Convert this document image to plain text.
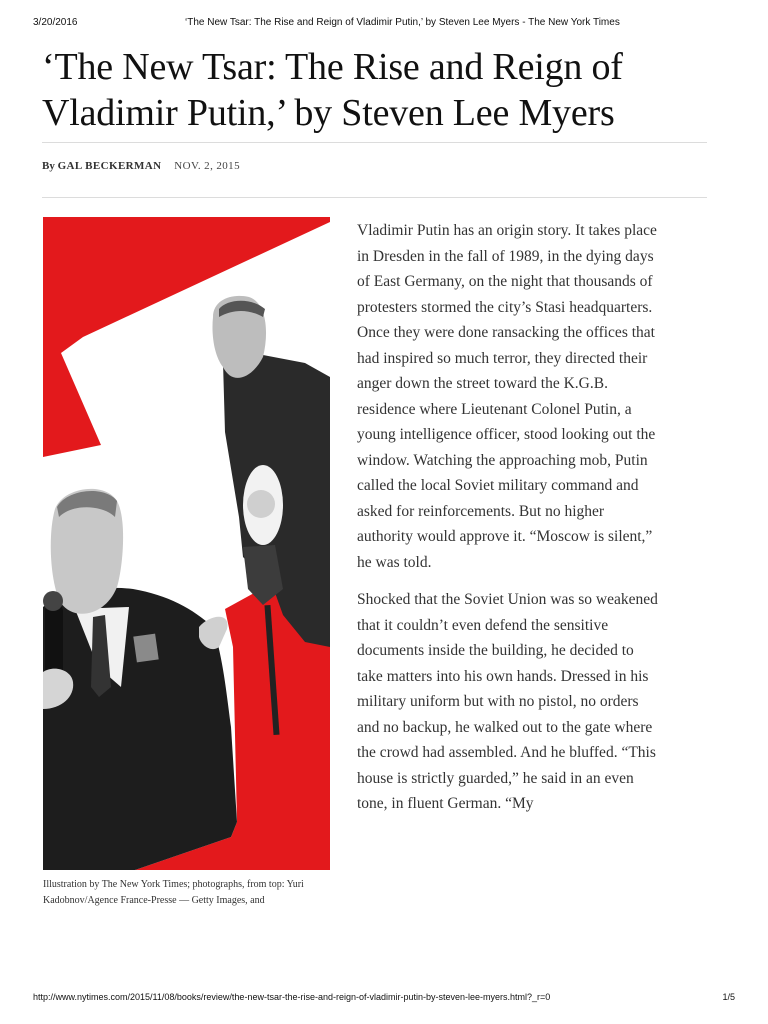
3/20/2016	‘The New Tsar: The Rise and Reign of Vladimir Putin,’ by Steven Lee Myers - The New York Times
‘The New Tsar: The Rise and Reign of Vladimir Putin,’ by Steven Lee Myers
By GAL BECKERMAN NOV. 2, 2015
Illustration by The New York Times; photographs, from top: Yuri Kadobnov/Agence France-Presse — Getty Images, and

Vladimir Putin has an origin story. It takes place in Dresden in the fall of 1989, in the dying days of East Germany, on the night that thousands of protesters stormed the city’s Stasi headquarters. Once they were done ransacking the offices that had inspired so much terror, they directed their anger down the street toward the K.G.B. residence where Lieutenant Colonel Putin, a young intelligence officer, stood looking out the window. Watching the approaching mob, Putin called the local Soviet military command and asked for reinforcements. But no higher authority would approve it. “Moscow is silent,” he was told.

Shocked that the Soviet Union was so weakened that it couldn’t even defend the sensitive documents inside the building, he decided to take matters into his own hands. Dressed in his military uniform but with no pistol, no orders and no backup, he walked out to the gate where the crowd had assembled. And he bluffed. “This house is strictly guarded,” he said in an even tone, in fluent German. “My

http://www.nytimes.com/2015/11/08/books/review/the-new-tsar-the-rise-and-reign-of-vladimir-putin-by-steven-lee-myers.html?_r=0	1/5
